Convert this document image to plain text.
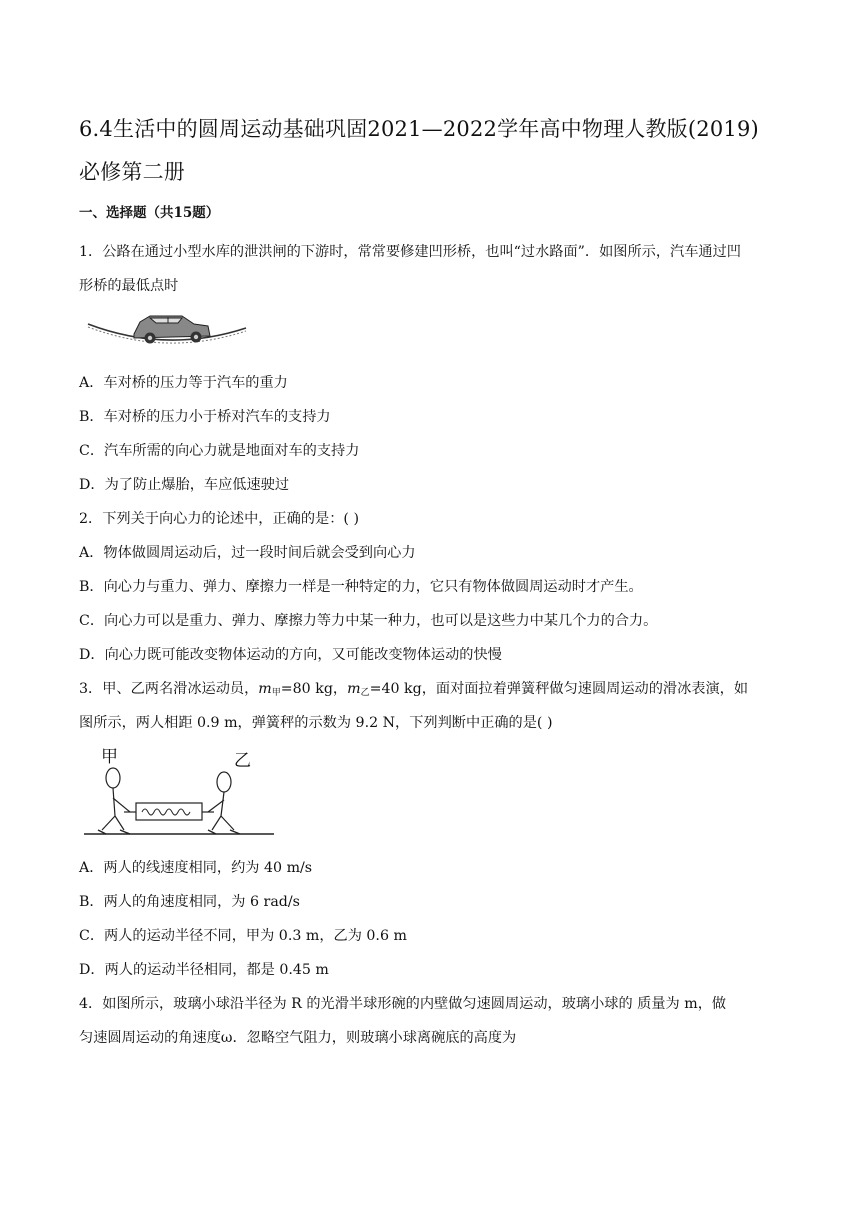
6.4生活中的圆周运动基础巩固2021—2022学年高中物理人教版(2019)
必修第二册
一、选择题（共15题）
1．公路在通过小型水库的泄洪闸的下游时，常常要修建凹形桥，也叫“过水路面”．如图所示，汽车通过凹
形桥的最低点时
A．车对桥的压力等于汽车的重力
B．车对桥的压力小于桥对汽车的支持力
C．汽车所需的向心力就是地面对车的支持力
D．为了防止爆胎，车应低速驶过
2．下列关于向心力的论述中，正确的是：( )
A．物体做圆周运动后，过一段时间后就会受到向心力
B．向心力与重力、弹力、摩擦力一样是一种特定的力，它只有物体做圆周运动时才产生。
C．向心力可以是重力、弹力、摩擦力等力中某一种力，也可以是这些力中某几个力的合力。
D．向心力既可能改变物体运动的方向，又可能改变物体运动的快慢
3．甲、乙两名滑冰运动员，$m_甲=80$ kg，$m_乙=40$ kg，面对面拉着弹簧秤做匀速圆周运动的滑冰表演，如
图所示，两人相距 0.9 m，弹簧秤的示数为 9.2 N，下列判断中正确的是( )
甲	乙
A．两人的线速度相同，约为 40 m/s
B．两人的角速度相同，为 6 rad/s
C．两人的运动半径不同，甲为 0.3 m，乙为 0.6 m
D．两人的运动半径相同，都是 0.45 m
4．如图所示，玻璃小球沿半径为 R 的光滑半球形碗的内壁做匀速圆周运动，玻璃小球的 质量为 m，做
匀速圆周运动的角速度ω．忽略空气阻力，则玻璃小球离碗底的高度为
